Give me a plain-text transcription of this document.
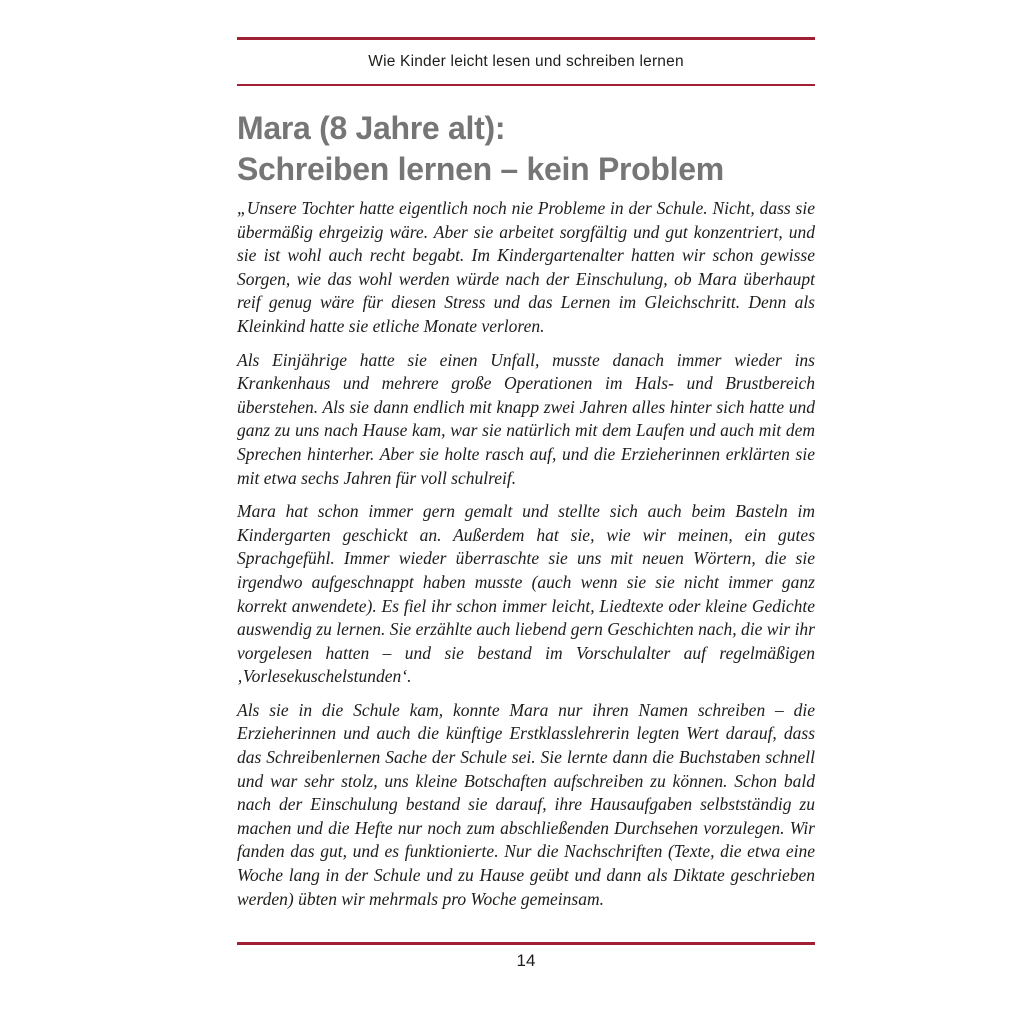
Wie Kinder leicht lesen und schreiben lernen
Mara (8 Jahre alt):
Schreiben lernen – kein Problem

„Unsere Tochter hatte eigentlich noch nie Probleme in der Schule. Nicht, dass sie übermäßig ehrgeizig wäre. Aber sie arbeitet sorgfältig und gut konzentriert, und sie ist wohl auch recht begabt. Im Kindergartenalter hatten wir schon gewisse Sorgen, wie das wohl werden würde nach der Einschulung, ob Mara überhaupt reif genug wäre für diesen Stress und das Lernen im Gleichschritt. Denn als Kleinkind hatte sie etliche Monate verloren.

Als Einjährige hatte sie einen Unfall, musste danach immer wieder ins Krankenhaus und mehrere große Operationen im Hals- und Brustbereich überstehen. Als sie dann endlich mit knapp zwei Jahren alles hinter sich hatte und ganz zu uns nach Hause kam, war sie natürlich mit dem Laufen und auch mit dem Sprechen hinterher. Aber sie holte rasch auf, und die Erzieherinnen erklärten sie mit etwa sechs Jahren für voll schulreif.

Mara hat schon immer gern gemalt und stellte sich auch beim Basteln im Kindergarten geschickt an. Außerdem hat sie, wie wir meinen, ein gutes Sprachgefühl. Immer wieder überraschte sie uns mit neuen Wörtern, die sie irgendwo aufgeschnappt haben musste (auch wenn sie sie nicht immer ganz korrekt anwendete). Es fiel ihr schon immer leicht, Liedtexte oder kleine Gedichte auswendig zu lernen. Sie erzählte auch liebend gern Geschichten nach, die wir ihr vorgelesen hatten – und sie bestand im Vorschulalter auf regelmäßigen ‚Vorlesekuschelstunden‘.

Als sie in die Schule kam, konnte Mara nur ihren Namen schreiben – die Erzieherinnen und auch die künftige Erstklasslehrerin legten Wert darauf, dass das Schreibenlernen Sache der Schule sei. Sie lernte dann die Buchstaben schnell und war sehr stolz, uns kleine Botschaften aufschreiben zu können. Schon bald nach der Einschulung bestand sie darauf, ihre Hausaufgaben selbstständig zu machen und die Hefte nur noch zum abschließenden Durchsehen vorzulegen. Wir fanden das gut, und es funktionierte. Nur die Nachschriften (Texte, die etwa eine Woche lang in der Schule und zu Hause geübt und dann als Diktate geschrieben werden) übten wir mehrmals pro Woche gemeinsam.

14
